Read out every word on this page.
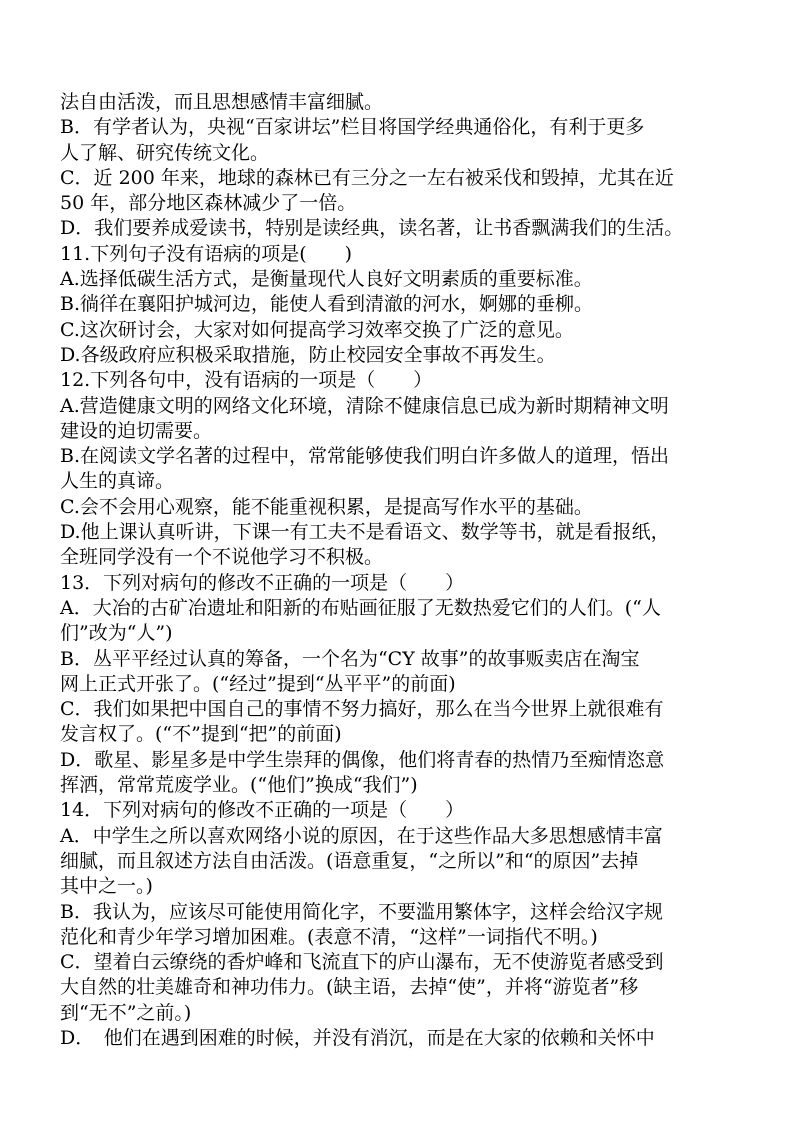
法自由活泼，而且思想感情丰富细腻。
B．有学者认为，央视“百家讲坛”栏目将国学经典通俗化，有利于更多
人了解、研究传统文化。
C．近 200 年来，地球的森林已有三分之一左右被采伐和毁掉，尤其在近
50 年，部分地区森林减少了一倍。
D．我们要养成爱读书，特别是读经典，读名著，让书香飘满我们的生活。
11.下列句子没有语病的项是(　　)
A.选择低碳生活方式，是衡量现代人良好文明素质的重要标准。
B.徜徉在襄阳护城河边，能使人看到清澈的河水，婀娜的垂柳。
C.这次研讨会，大家对如何提高学习效率交换了广泛的意见。
D.各级政府应积极采取措施，防止校园安全事故不再发生。
12.下列各句中，没有语病的一项是（　　）
A.营造健康文明的网络文化环境，清除不健康信息已成为新时期精神文明
建设的迫切需要。
B.在阅读文学名著的过程中，常常能够使我们明白许多做人的道理，悟出
人生的真谛。
C.会不会用心观察，能不能重视积累，是提高写作水平的基础。
D.他上课认真听讲，下课一有工夫不是看语文、数学等书，就是看报纸，
全班同学没有一个不说他学习不积极。
13．下列对病句的修改不正确的一项是（　　）
A．大冶的古矿冶遗址和阳新的布贴画征服了无数热爱它们的人们。(“人
们”改为“人”)
B．丛平平经过认真的筹备，一个名为“CY 故事”的故事贩卖店在淘宝
网上正式开张了。(“经过”提到“丛平平”的前面)
C．我们如果把中国自己的事情不努力搞好，那么在当今世界上就很难有
发言权了。(“不”提到“把”的前面)
D．歌星、影星多是中学生崇拜的偶像，他们将青春的热情乃至痴情恣意
挥洒，常常荒废学业。(“他们”换成“我们”)
14．下列对病句的修改不正确的一项是（　　）
A．中学生之所以喜欢网络小说的原因，在于这些作品大多思想感情丰富
细腻，而且叙述方法自由活泼。(语意重复，“之所以”和“的原因”去掉
其中之一。)
B．我认为，应该尽可能使用简化字，不要滥用繁体字，这样会给汉字规
范化和青少年学习增加困难。(表意不清，“这样”一词指代不明。)
C．望着白云缭绕的香炉峰和飞流直下的庐山瀑布，无不使游览者感受到
大自然的壮美雄奇和神功伟力。(缺主语，去掉“使”，并将“游览者”移
到“无不”之前。)
D．　他们在遇到困难的时候，并没有消沉，而是在大家的依赖和关怀中
